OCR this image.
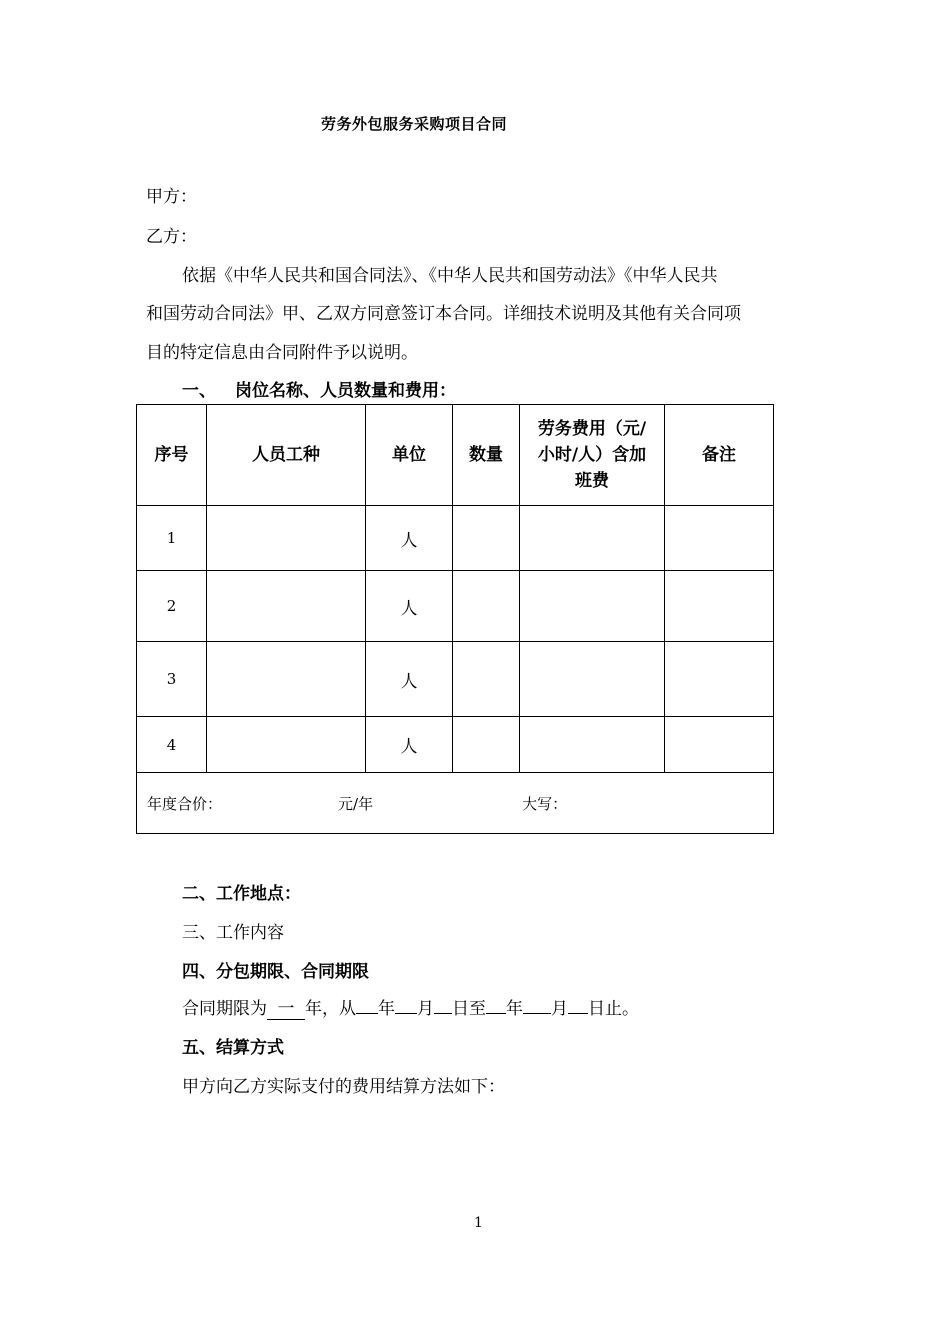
劳务外包服务采购项目合同
甲方：
乙方：
依据《中华人民共和国合同法》、《中华人民共和国劳动法》《中华人民共
和国劳动合同法》甲、乙双方同意签订本合同。详细技术说明及其他有关合同项
目的特定信息由合同附件予以说明。
一、 岗位名称、人员数量和费用：
序号	人员工种	单位	数量	劳务费用（元/
小时/人）含加
班费	备注
1		人			
2		人			
3		人			
4		人			
年度合价： 元/年 大写：					
二、工作地点：
三、工作内容
四、分包期限、合同期限
合同期限为 一 年，从 年 月 日至 年 月 日止。
五、结算方式
甲方向乙方实际支付的费用结算方法如下：
1
